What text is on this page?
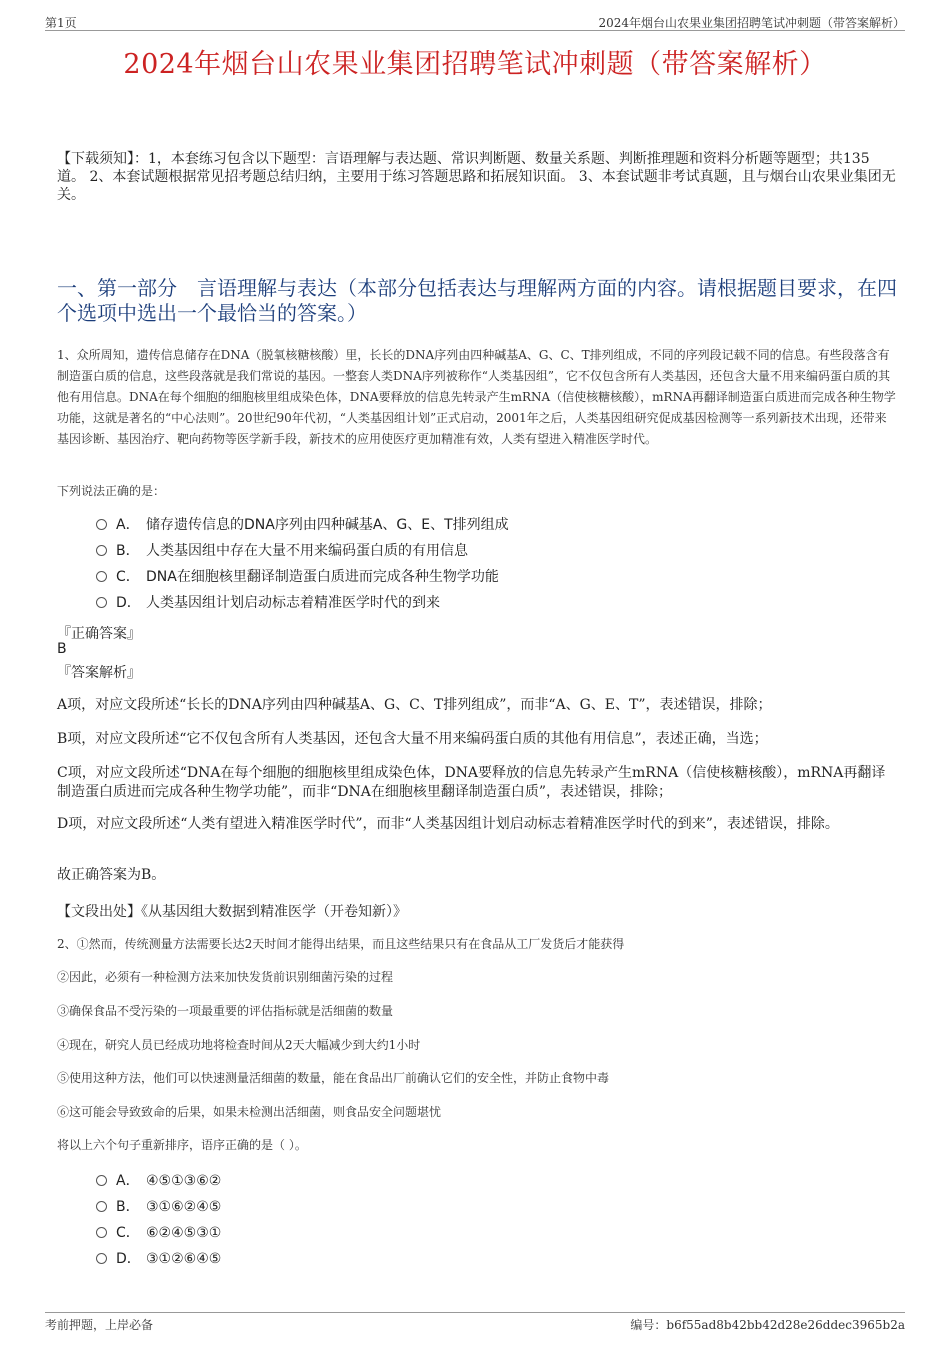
第1页	2024年烟台山农果业集团招聘笔试冲刺题（带答案解析）
2024年烟台山农果业集团招聘笔试冲刺题（带答案解析）
【下载须知】：1，本套练习包含以下题型：言语理解与表达题、常识判断题、数量关系题、判断推理题和资料分析题等题型；共135道。 2、本套试题根据常见招考题总结归纳，主要用于练习答题思路和拓展知识面。 3、本套试题非考试真题，且与烟台山农果业集团无关。
一、第一部分　言语理解与表达（本部分包括表达与理解两方面的内容。请根据题目要求，在四个选项中选出一个最恰当的答案。）
1、众所周知，遗传信息储存在DNA（脱氧核糖核酸）里，长长的DNA序列由四种碱基A、G、C、T排列组成，不同的序列段记载不同的信息。有些段落含有制造蛋白质的信息，这些段落就是我们常说的基因。一整套人类DNA序列被称作“人类基因组”，它不仅包含所有人类基因，还包含大量不用来编码蛋白质的其他有用信息。DNA在每个细胞的细胞核里组成染色体，DNA要释放的信息先转录产生mRNA（信使核糖核酸），mRNA再翻译制造蛋白质进而完成各种生物学功能，这就是著名的“中心法则”。20世纪90年代初，“人类基因组计划”正式启动，2001年之后，人类基因组研究促成基因检测等一系列新技术出现，还带来基因诊断、基因治疗、靶向药物等医学新手段，新技术的应用使医疗更加精准有效，人类有望进入精准医学时代。
下列说法正确的是：
A． 储存遗传信息的DNA序列由四种碱基A、G、E、T排列组成
B． 人类基因组中存在大量不用来编码蛋白质的有用信息
C． DNA在细胞核里翻译制造蛋白质进而完成各种生物学功能
D． 人类基因组计划启动标志着精准医学时代的到来
『正确答案』
B
『答案解析』
A项，对应文段所述“长长的DNA序列由四种碱基A、G、C、T排列组成”，而非“A、G、E、T”，表述错误，排除；
B项，对应文段所述“它不仅包含所有人类基因，还包含大量不用来编码蛋白质的其他有用信息”，表述正确，当选；
C项，对应文段所述“DNA在每个细胞的细胞核里组成染色体，DNA要释放的信息先转录产生mRNA（信使核糖核酸），mRNA再翻译制造蛋白质进而完成各种生物学功能”，而非“DNA在细胞核里翻译制造蛋白质”，表述错误，排除；
D项，对应文段所述“人类有望进入精准医学时代”，而非“人类基因组计划启动标志着精准医学时代的到来”，表述错误，排除。
故正确答案为B。
【文段出处】《从基因组大数据到精准医学（开卷知新）》
2、①然而，传统测量方法需要长达2天时间才能得出结果，而且这些结果只有在食品从工厂发货后才能获得
②因此，必须有一种检测方法来加快发货前识别细菌污染的过程
③确保食品不受污染的一项最重要的评估指标就是活细菌的数量
④现在，研究人员已经成功地将检查时间从2天大幅减少到大约1小时
⑤使用这种方法，他们可以快速测量活细菌的数量，能在食品出厂前确认它们的安全性，并防止食物中毒
⑥这可能会导致致命的后果，如果未检测出活细菌，则食品安全问题堪忧
将以上六个句子重新排序，语序正确的是（ ）。
A． ④⑤①③⑥②
B． ③①⑥②④⑤
C． ⑥②④⑤③①
D． ③①②⑥④⑤
考前押题，上岸必备	编号：b6f55ad8b42bb42d28e26ddec3965b2a
